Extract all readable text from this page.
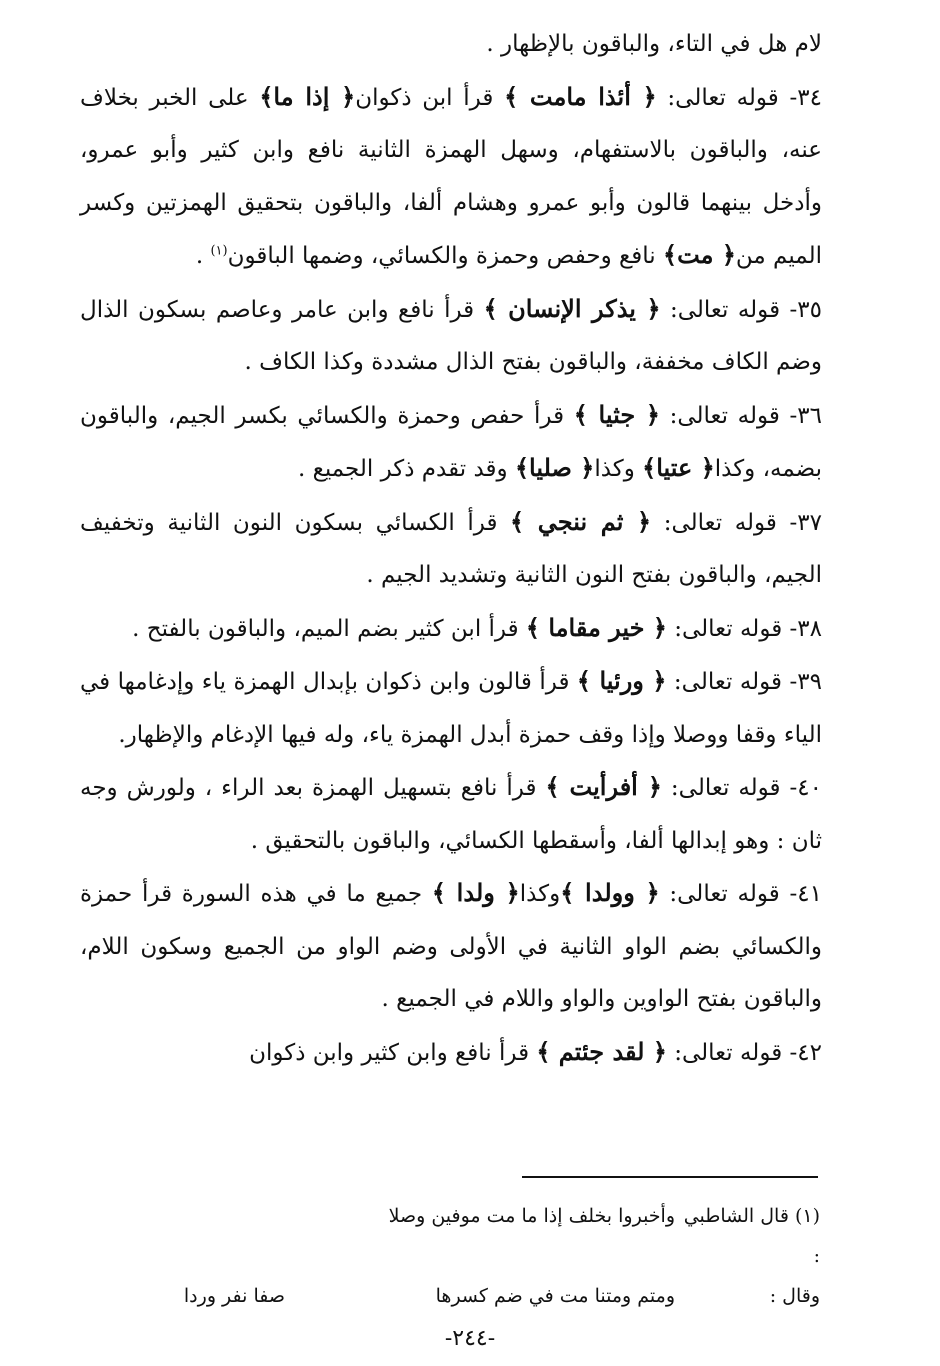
لام هل في التاء، والباقون بالإظهار .

٣٤- قوله تعالى: ﴿ أئذا مامت ﴾ قرأ ابن ذكوان﴿ إذا ما﴾ على الخبر بخلاف عنه، والباقون بالاستفهام، وسهل الهمزة الثانية نافع وابن كثير وأبو عمرو، وأدخل بينهما قالون وأبو عمرو وهشام ألفا، والباقون بتحقيق الهمزتين وكسر الميم من﴿ مت﴾ نافع وحفص وحمزة والكسائي، وضمها الباقون$^{(١)}$ .

٣٥- قوله تعالى: ﴿ يذكر الإنسان ﴾ قرأ نافع وابن عامر وعاصم بسكون الذال وضم الكاف مخففة، والباقون بفتح الذال مشددة وكذا الكاف .

٣٦- قوله تعالى: ﴿ جثيا ﴾ قرأ حفص وحمزة والكسائي بكسر الجيم، والباقون بضمه، وكذا﴿ عتيا﴾ وكذا﴿ صليا﴾ وقد تقدم ذكر الجميع .

٣٧- قوله تعالى: ﴿ ثم ننجي ﴾ قرأ الكسائي بسكون النون الثانية وتخفيف الجيم، والباقون بفتح النون الثانية وتشديد الجيم .

٣٨- قوله تعالى: ﴿ خير مقاما ﴾ قرأ ابن كثير بضم الميم، والباقون بالفتح .

٣٩- قوله تعالى: ﴿ ورئيا ﴾ قرأ قالون وابن ذكوان بإبدال الهمزة ياء وإدغامها في الياء وقفا ووصلا وإذا وقف حمزة أبدل الهمزة ياء، وله فيها الإدغام والإظهار.

٤٠- قوله تعالى: ﴿ أفرأيت ﴾ قرأ نافع بتسهيل الهمزة بعد الراء ، ولورش وجه ثان : وهو إبدالها ألفا، وأسقطها الكسائي، والباقون بالتحقيق .

٤١- قوله تعالى: ﴿ وولدا ﴾وكذا﴿ ولدا ﴾ جميع ما في هذه السورة قرأ حمزة والكسائي بضم الواو الثانية في الأولى وضم الواو من الجميع وسكون اللام، والباقون بفتح الواوين والواو واللام في الجميع .

٤٢- قوله تعالى: ﴿ لقد جئتم ﴾ قرأ نافع وابن كثير وابن ذكوان

(١) قال الشاطبي :
وأخبروا بخلف إذا ما مت موفين وصلا
وقال :
ومتم ومتنا مت في ضم كسرها
صفا نفر وردا
-٢٤٤-
